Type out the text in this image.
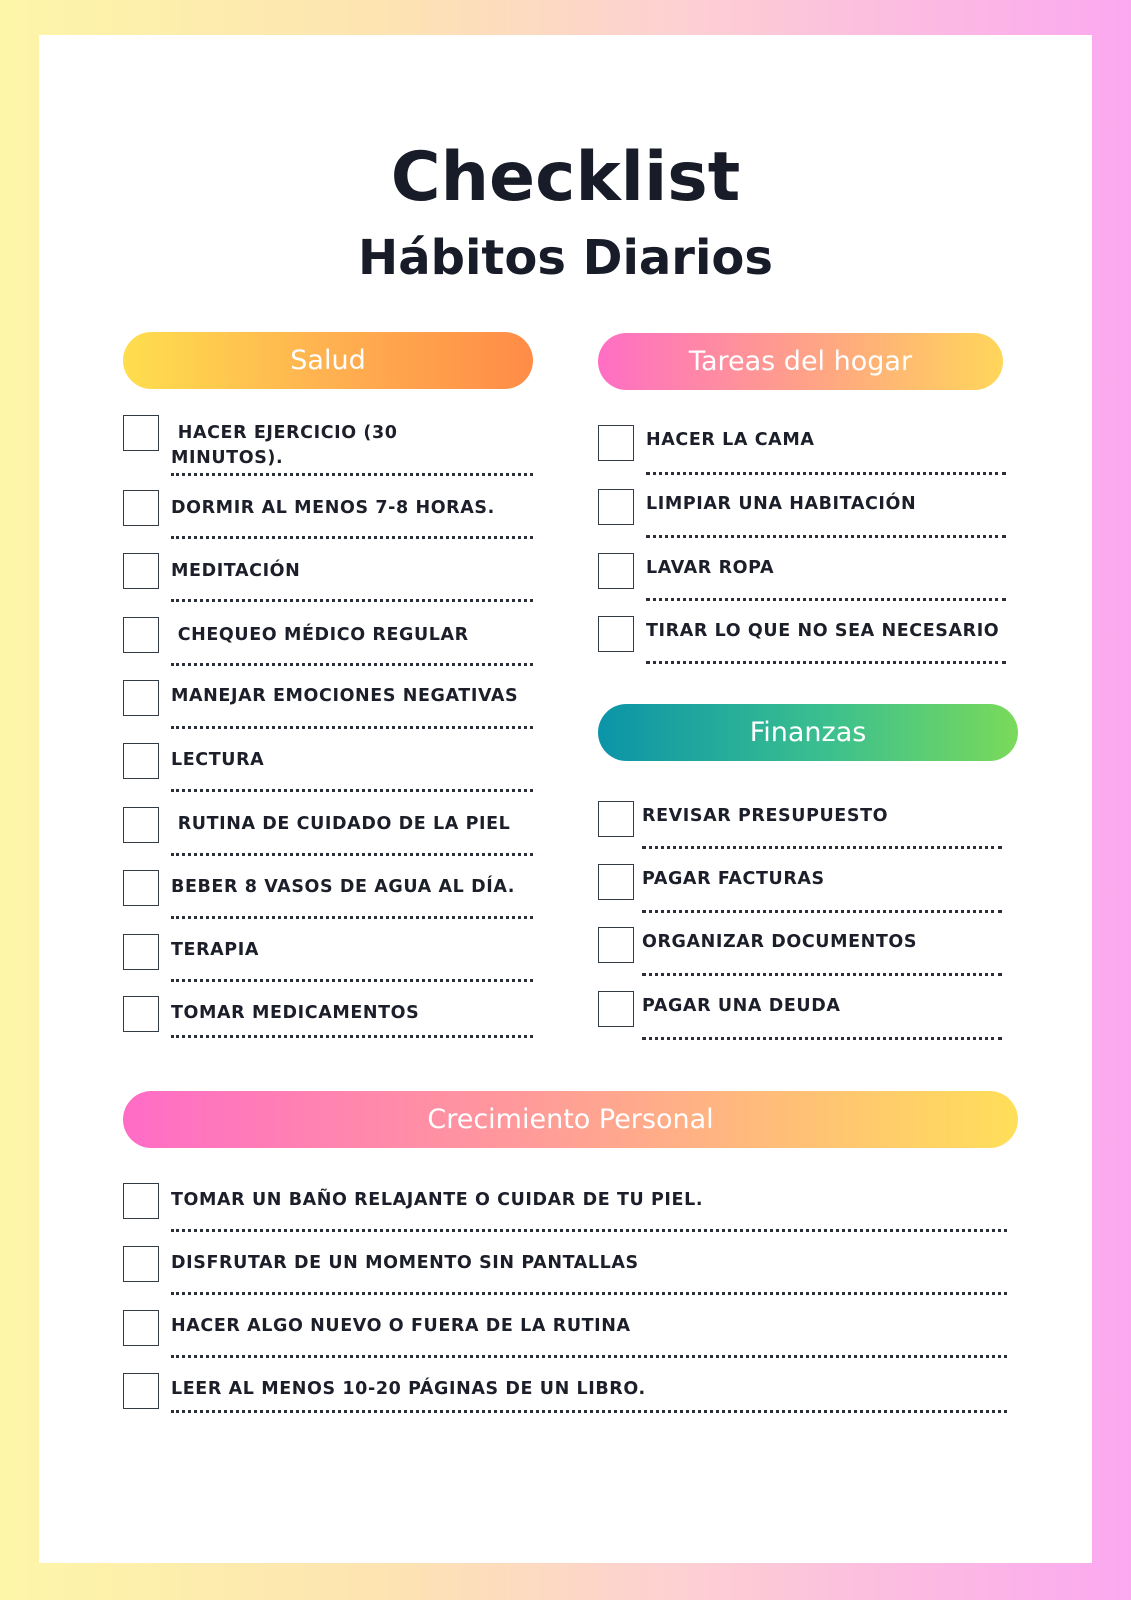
Checklist
Hábitos Diarios
Salud	Tareas del hogar
Finanzas
Crecimiento Personal
HACER EJERCICIO (30
MINUTOS).
DORMIR AL MENOS 7-8 HORAS.
MEDITACIÓN
CHEQUEO MÉDICO REGULAR
MANEJAR EMOCIONES NEGATIVAS
LECTURA
RUTINA DE CUIDADO DE LA PIEL
BEBER 8 VASOS DE AGUA AL DÍA.
TERAPIA
TOMAR MEDICAMENTOS
HACER LA CAMA
LIMPIAR UNA HABITACIÓN
LAVAR ROPA
TIRAR LO QUE NO SEA NECESARIO
REVISAR PRESUPUESTO
PAGAR FACTURAS
ORGANIZAR DOCUMENTOS
PAGAR UNA DEUDA
TOMAR UN BAÑO RELAJANTE O CUIDAR DE TU PIEL.
DISFRUTAR DE UN MOMENTO SIN PANTALLAS
HACER ALGO NUEVO O FUERA DE LA RUTINA
LEER AL MENOS 10-20 PÁGINAS DE UN LIBRO.
